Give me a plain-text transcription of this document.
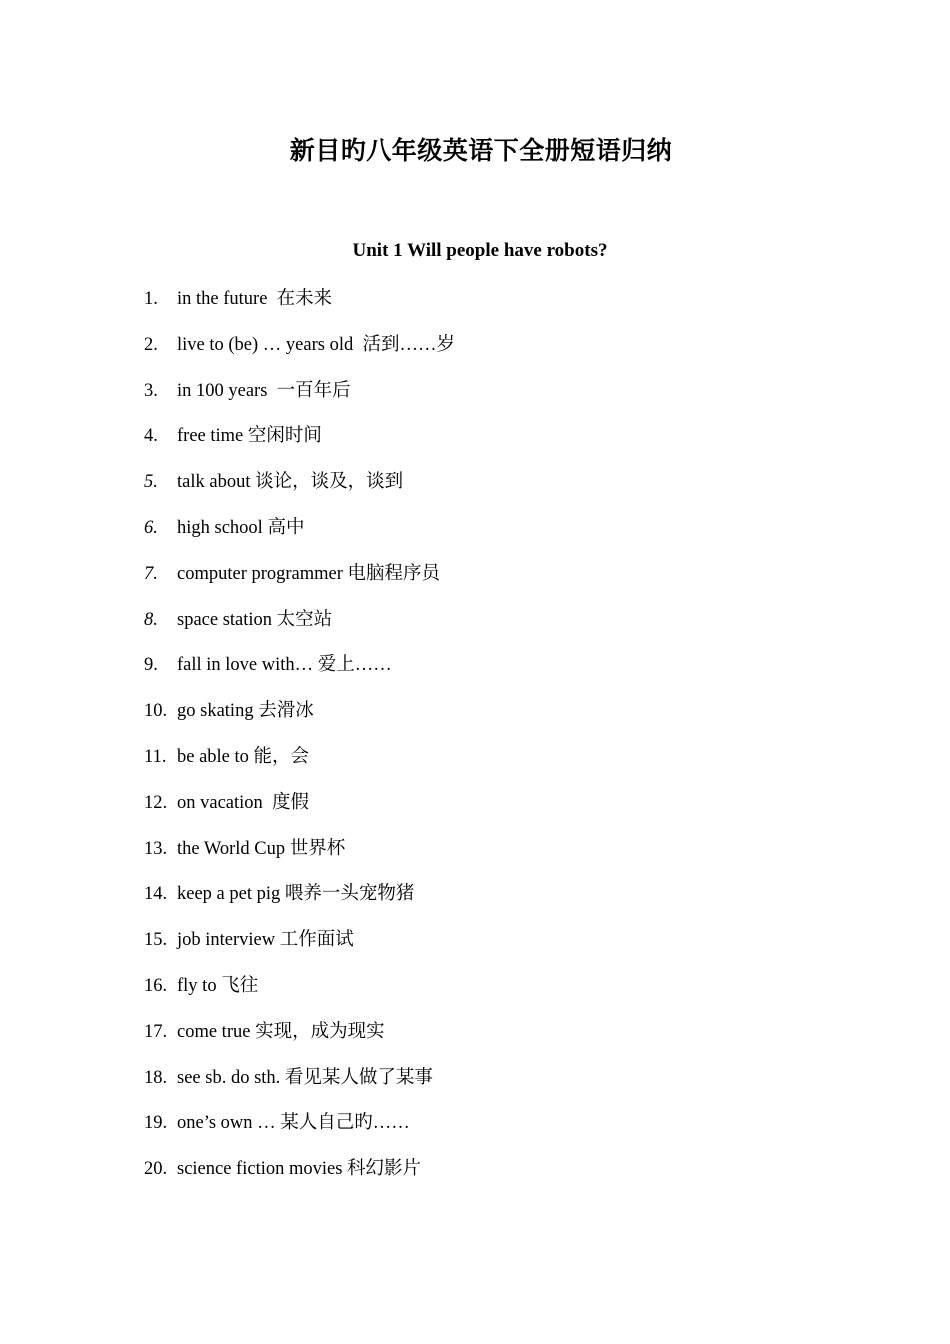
新目旳八年级英语下全册短语归纳
Unit 1 Will people have robots?
1.	in the future  在未来
2.	live to (be) … years old  活到……岁
3.	in 100 years  一百年后
4.	free time 空闲时间
5.	talk about 谈论，谈及，谈到
6.	high school 高中
7.	computer programmer 电脑程序员
8.	space station 太空站
9.	fall in love with… 爱上……
10. go skating 去滑冰
11. be able to 能，会
12. on vacation  度假
13. the World Cup 世界杯
14. keep a pet pig 喂养一头宠物猪
15. job interview 工作面试
16. fly to 飞往
17. come true 实现，成为现实
18. see sb. do sth. 看见某人做了某事
19. one’s own … 某人自己旳……
20. science fiction movies 科幻影片
